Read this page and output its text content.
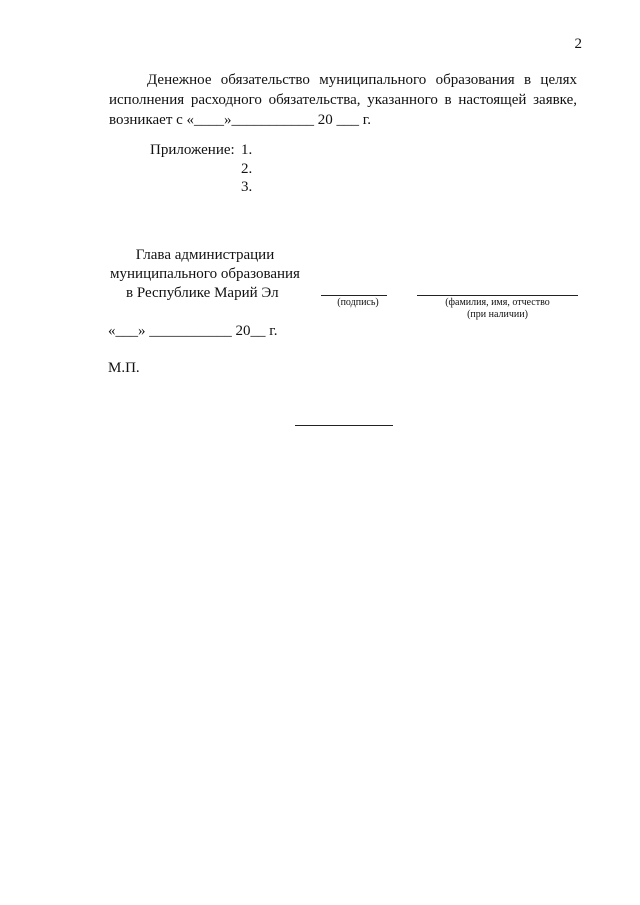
2
Денежное обязательство муниципального образования в целях
исполнения расходного обязательства, указанного в настоящей заявке,
возникает с «____»___________ 20 ___ г.
Приложение: 1.
2.
3.
Глава администрации
муниципального образования
в Республике Марий Эл
(подпись)	(фамилия, имя, отчество
(при наличии)
«___» ___________ 20__ г.
М.П.
